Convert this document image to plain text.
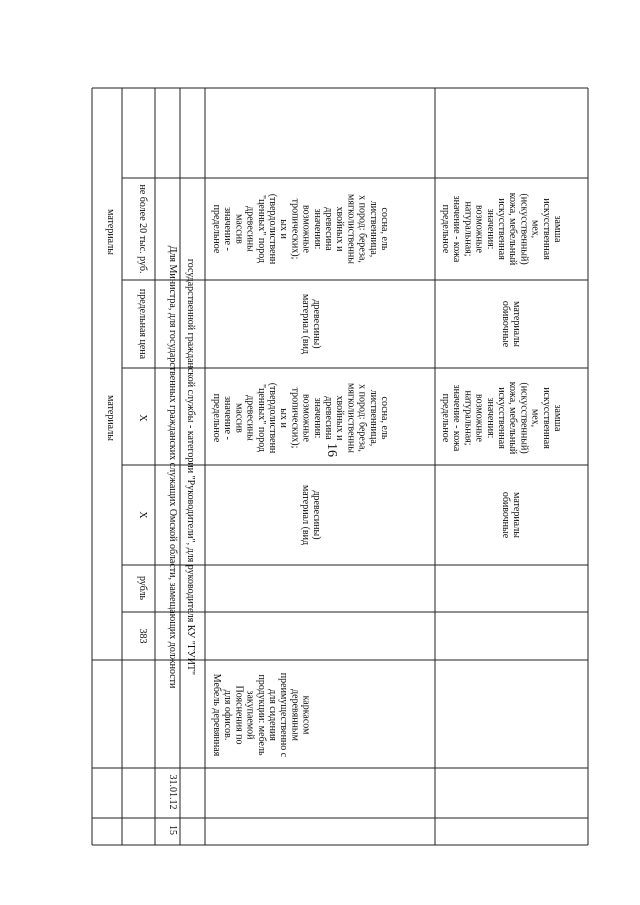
16
материалы не более 20 тыс. руб.
предельная цена
материалы X
X
рубль
383 Для Министра, для государственных гражданских служащих Омской области, замещающих должности государственной гражданской службы - категории "Руководители", для руководителя КУ "ГУИТ"
15
31.01.12
Мебель деревянная для офисов. Пояснения по закупаемой продукции: мебель для сидения преимущественно с деревянным каркасом
предельное значение - массив древесины "ценных" пород (твердолиственн ых и тропических); возможные значения: древесина хвойных и мягколиственны х пород: береза, лиственница, сосна, ель
материал (вид древесины)
предельное значение - массив древесины "ценных" пород (твердолиственн ых и тропических); возможные значения: древесина хвойных и мягколиственны х пород: береза, лиственница, сосна, ель
материал (вид древесины)
предельное значение - кожа натуральная; возможные значения: искусственная кожа, мебельный (искусственный) мех, искусственная замша
обивочные материалы
предельное значение - кожа натуральная; возможные значения: искусственная кожа, мебельный (искусственный) мех, искусственная замша
обивочные материалы
